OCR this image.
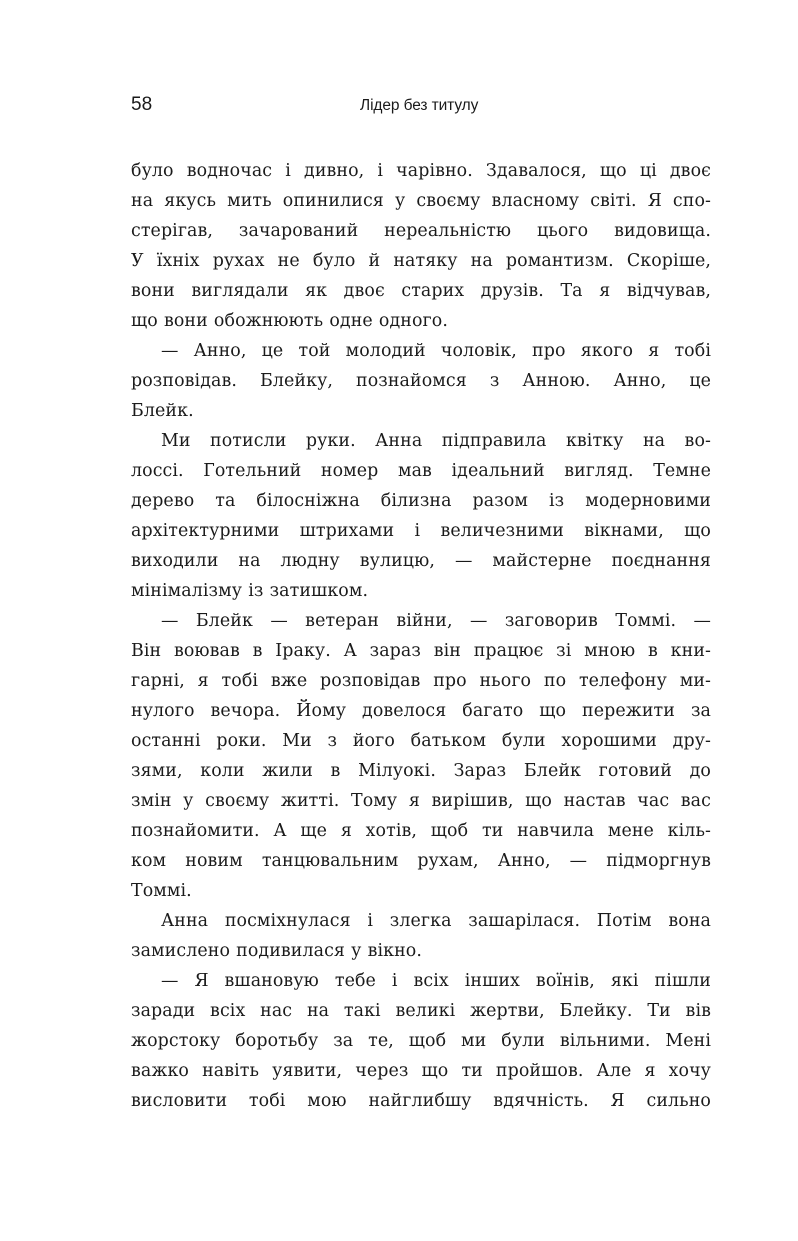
58	Лідер без титулу
було водночас і дивно, і чарівно. Здавалося, що ці двоє
на якусь мить опинилися у своєму власному світі. Я спо-
стерігав, зачарований нереальністю цього видовища.
У їхніх рухах не було й натяку на романтизм. Скоріше,
вони виглядали як двоє старих друзів. Та я відчував,
що вони обожнюють одне одного.
— Анно, це той молодий чоловік, про якого я тобі
розповідав. Блейку, познайомся з Анною. Анно, це
Блейк.
Ми потисли руки. Анна підправила квітку на во-
лоссі. Готельний номер мав ідеальний вигляд. Темне
дерево та білосніжна білизна разом із модерновими
архітектурними штрихами і величезними вікнами, що
виходили на людну вулицю, — майстерне поєднання
мінімалізму із затишком.
— Блейк — ветеран війни, — заговорив Томмі. —
Він воював в Іраку. А зараз він працює зі мною в кни-
гарні, я тобі вже розповідав про нього по телефону ми-
нулого вечора. Йому довелося багато що пережити за
останні роки. Ми з його батьком були хорошими дру-
зями, коли жили в Мілуокі. Зараз Блейк готовий до
змін у своєму житті. Тому я вирішив, що настав час вас
познайомити. А ще я хотів, щоб ти навчила мене кіль-
ком новим танцювальним рухам, Анно, — підморгнув
Томмі.
Анна посміхнулася і злегка зашарілася. Потім вона
замислено подивилася у вікно.
— Я вшановую тебе і всіх інших воїнів, які пішли
заради всіх нас на такі великі жертви, Блейку. Ти вів
жорстоку боротьбу за те, щоб ми були вільними. Мені
важко навіть уявити, через що ти пройшов. Але я хочу
висловити тобі мою найглибшу вдячність. Я сильно
